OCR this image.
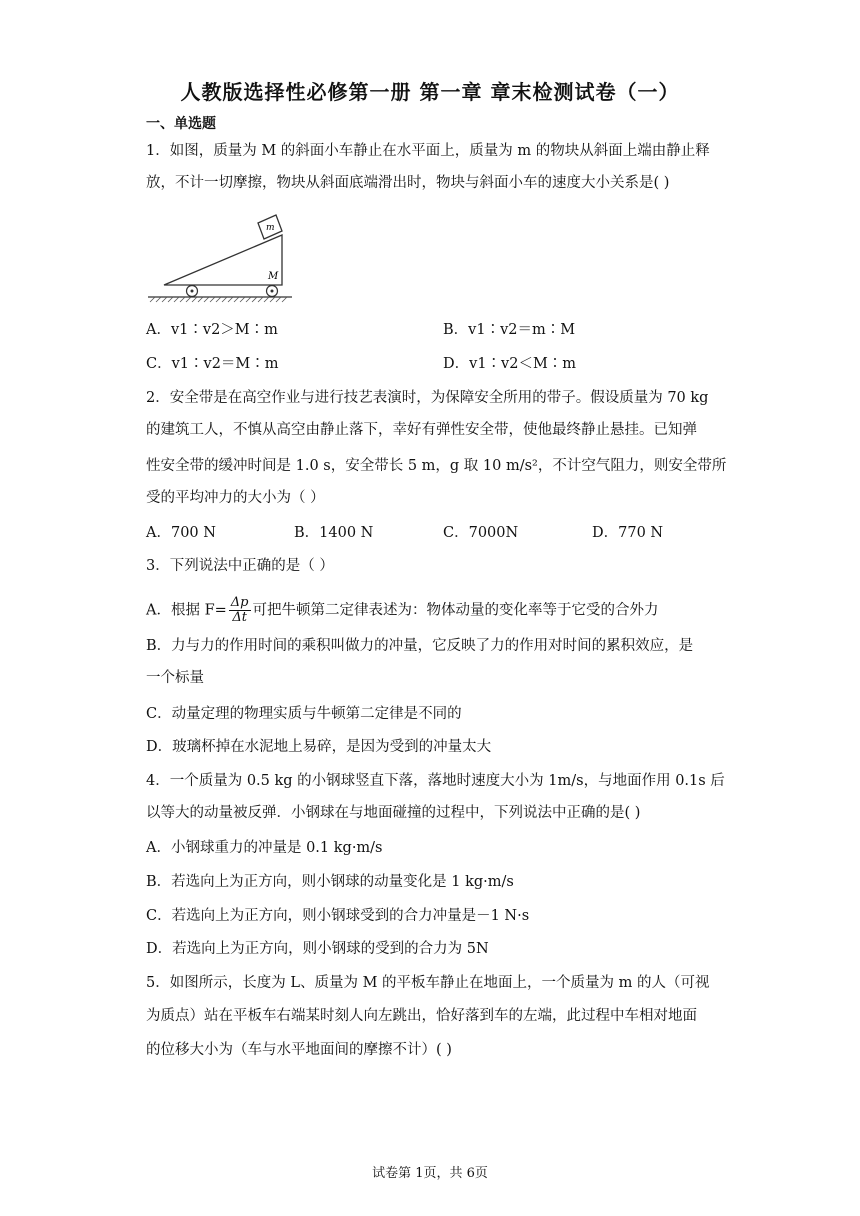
人教版选择性必修第一册 第一章 章末检测试卷（一）
一、单选题
1．如图，质量为 M 的斜面小车静止在水平面上，质量为 m 的物块从斜面上端由静止释
放，不计一切摩擦，物块从斜面底端滑出时，物块与斜面小车的速度大小关系是( )
m
M
A．v1∶v2＞M∶m	B．v1∶v2＝m∶M
C．v1∶v2＝M∶m	D．v1∶v2＜M∶m
2．安全带是在高空作业与进行技艺表演时，为保障安全所用的带子。假设质量为 70 kg
的建筑工人，不慎从高空由静止落下，幸好有弹性安全带，使他最终静止悬挂。已知弹
性安全带的缓冲时间是 1.0 s，安全带长 5 m，g 取 10 m/s²，不计空气阻力，则安全带所
受的平均冲力的大小为（ ）
A．700 N	B．1400 N	C．7000N	D．770 N
3．下列说法中正确的是（ ）
A．根据 $F= \frac{\Delta p}{\Delta t}$ 可把牛顿第二定律表述为：物体动量的变化率等于它受的合外力
B．力与力的作用时间的乘积叫做力的冲量，它反映了力的作用对时间的累积效应，是
一个标量
C．动量定理的物理实质与牛顿第二定律是不同的
D．玻璃杯掉在水泥地上易碎，是因为受到的冲量太大
4．一个质量为 0.5 kg 的小钢球竖直下落，落地时速度大小为 1m/s，与地面作用 0.1s 后
以等大的动量被反弹．小钢球在与地面碰撞的过程中，下列说法中正确的是( )
A．小钢球重力的冲量是 0.1 kg·m/s
B．若选向上为正方向，则小钢球的动量变化是 1 kg·m/s
C．若选向上为正方向，则小钢球受到的合力冲量是－1 N·s
D．若选向上为正方向，则小钢球的受到的合力为 5N
5．如图所示，长度为 L、质量为 M 的平板车静止在地面上，一个质量为 m 的人（可视
为质点）站在平板车右端某时刻人向左跳出，恰好落到车的左端，此过程中车相对地面
的位移大小为（车与水平地面间的摩擦不计）( )
试卷第 1页，共 6页
